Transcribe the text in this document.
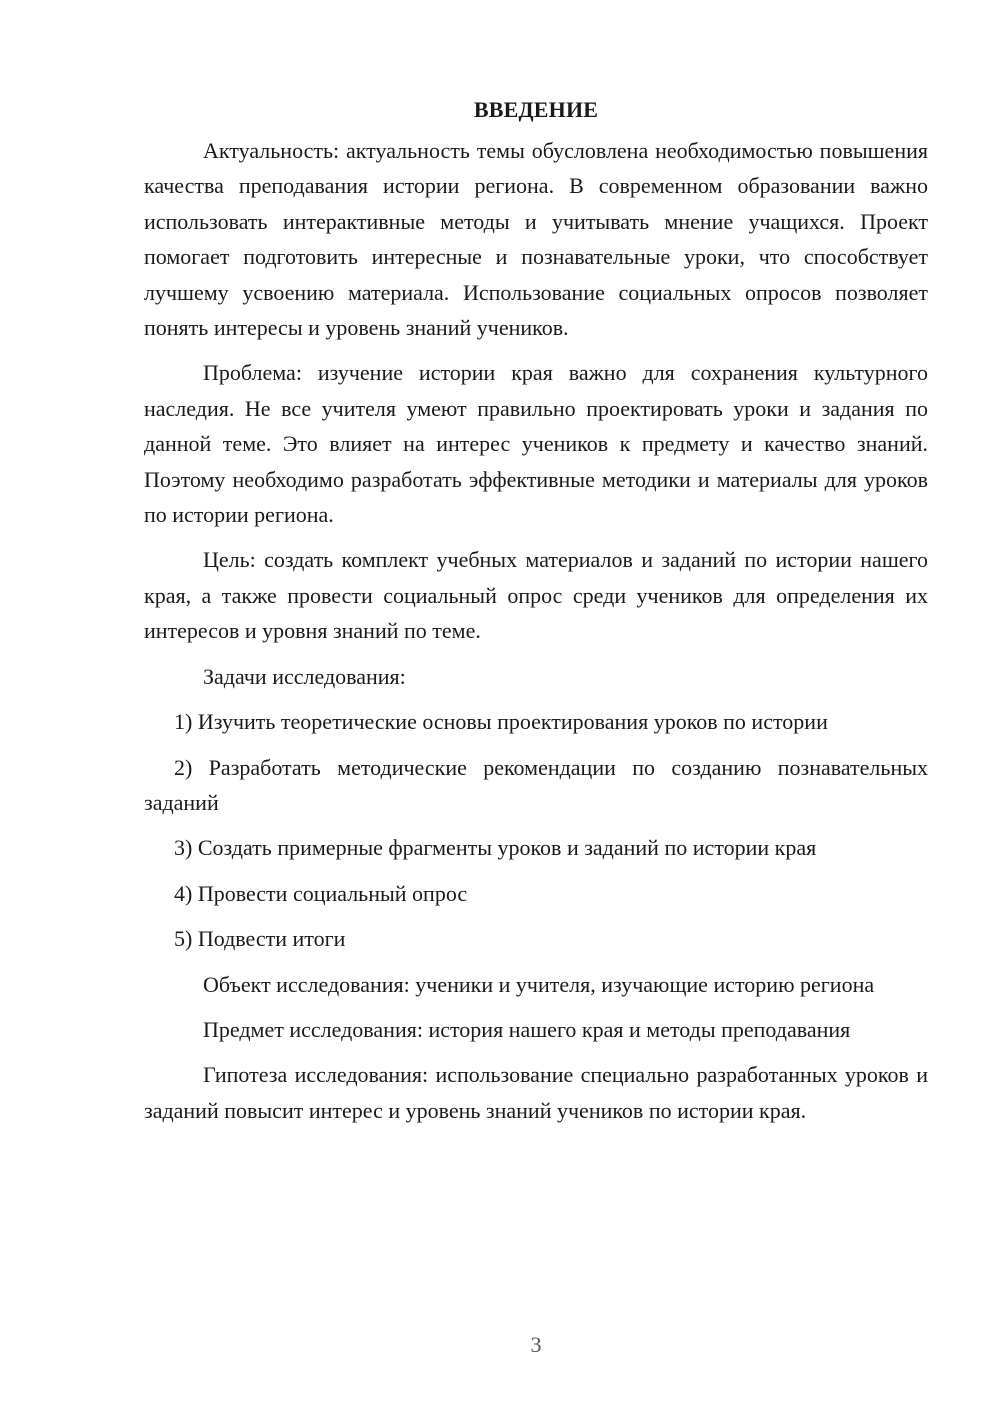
ВВЕДЕНИЕ

Актуальность: актуальность темы обусловлена необходимостью повышения качества преподавания истории региона. В современном образовании важно использовать интерактивные методы и учитывать мнение учащихся. Проект помогает подготовить интересные и познавательные уроки, что способствует лучшему усвоению материала. Использование социальных опросов позволяет понять интересы и уровень знаний учеников.

Проблема: изучение истории края важно для сохранения культурного наследия. Не все учителя умеют правильно проектировать уроки и задания по данной теме. Это влияет на интерес учеников к предмету и качество знаний. Поэтому необходимо разработать эффективные методики и материалы для уроков по истории региона.

Цель: создать комплект учебных материалов и заданий по истории нашего края, а также провести социальный опрос среди учеников для определения их интересов и уровня знаний по теме.

Задачи исследования:

1) Изучить теоретические основы проектирования уроков по истории

2) Разработать методические рекомендации по созданию познавательных заданий

3) Создать примерные фрагменты уроков и заданий по истории края

4) Провести социальный опрос

5) Подвести итоги

Объект исследования: ученики и учителя, изучающие историю региона

Предмет исследования: история нашего края и методы преподавания

Гипотеза исследования: использование специально разработанных уроков и заданий повысит интерес и уровень знаний учеников по истории края.

3
